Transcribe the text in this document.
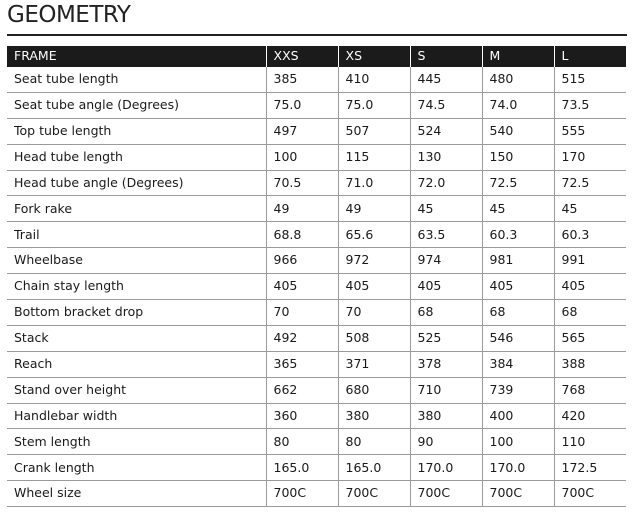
GEOMETRY
FRAME	XXS	XS	S	M	L
Seat tube length	385	410	445	480	515
Seat tube angle (Degrees)	75.0	75.0	74.5	74.0	73.5
Top tube length	497	507	524	540	555
Head tube length	100	115	130	150	170
Head tube angle (Degrees)	70.5	71.0	72.0	72.5	72.5
Fork rake	49	49	45	45	45
Trail	68.8	65.6	63.5	60.3	60.3
Wheelbase	966	972	974	981	991
Chain stay length	405	405	405	405	405
Bottom bracket drop	70	70	68	68	68
Stack	492	508	525	546	565
Reach	365	371	378	384	388
Stand over height	662	680	710	739	768
Handlebar width	360	380	380	400	420
Stem length	80	80	90	100	110
Crank length	165.0	165.0	170.0	170.0	172.5
Wheel size	700C	700C	700C	700C	700C
